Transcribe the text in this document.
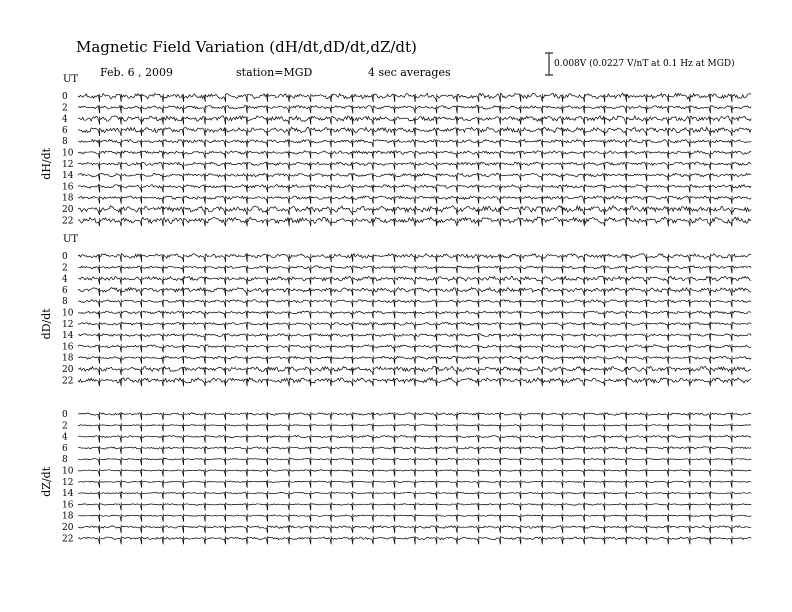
Magnetic Field Variation (dH/dt,dD/dt,dZ/dt)
Feb. 6 , 2009	station=MGD	4 sec averages
0.008V (0.0227 V/nT at 0.1 Hz at MGD)
dH/dt
UT
0
2
4
6
8
10
12
14
16
18
20
22
dD/dt
UT
0
2
4
6
8
10
12
14
16
18
20
22
dZ/dt
0
2
4
6
8
10
12
14
16
18
20
22
